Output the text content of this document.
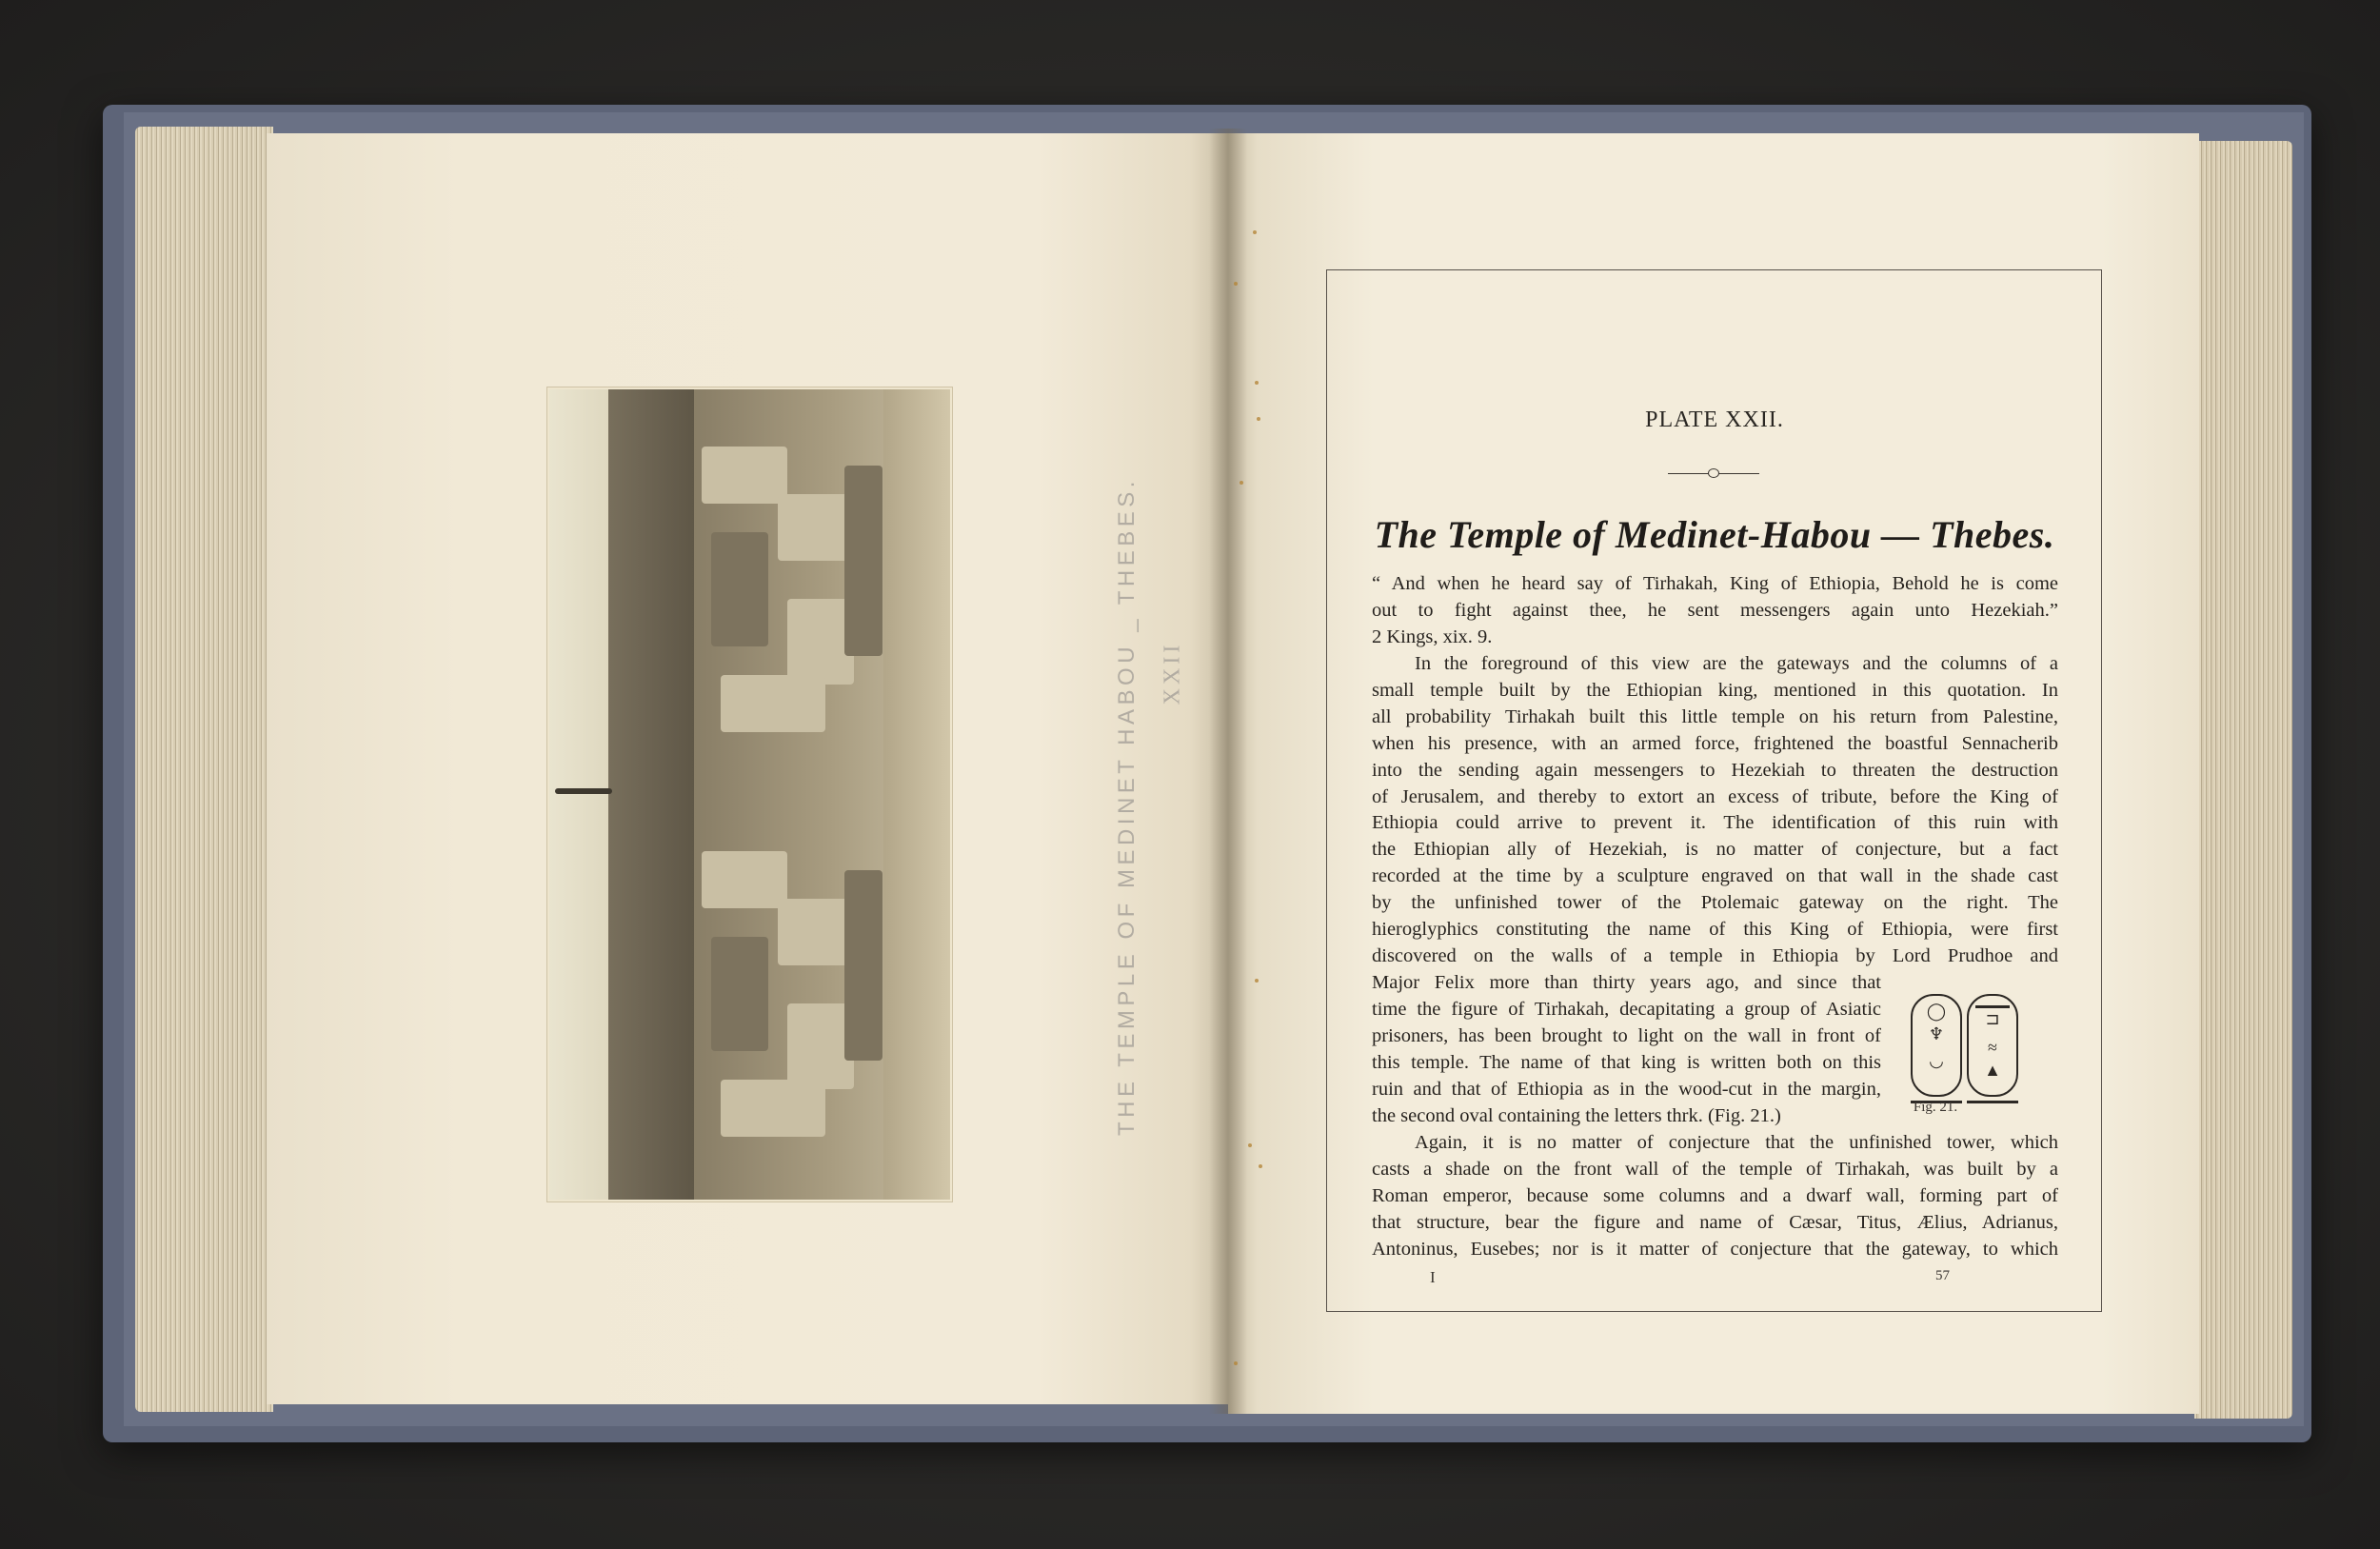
THE TEMPLE OF MEDINET HABOU _ THEBES. XXII
PLATE XXII.
The Temple of Medinet-Habou — Thebes.
“ And when he heard say of Tirhakah, King of Ethiopia, Behold he is come
out to fight against thee, he sent messengers again unto Hezekiah.”
2 Kings, xix. 9.
In the foreground of this view are the gateways and the columns of a
small temple built by the Ethiopian king, mentioned in this quotation. In
all probability Tirhakah built this little temple on his return from Palestine,
when his presence, with an armed force, frightened the boastful Sennacherib
into the sending again messengers to Hezekiah to threaten the destruction
of Jerusalem, and thereby to extort an excess of tribute, before the King of
Ethiopia could arrive to prevent it. The identification of this ruin with
the Ethiopian ally of Hezekiah, is no matter of conjecture, but a fact
recorded at the time by a sculpture engraved on that wall in the shade cast
by the unfinished tower of the Ptolemaic gateway on the right. The
hieroglyphics constituting the name of this King of Ethiopia, were first
discovered on the walls of a temple in Ethiopia by Lord Prudhoe and
Major Felix more than thirty years ago, and since that
time the figure of Tirhakah, decapitating a group of Asiatic
prisoners, has been brought to light on the wall in front of
this temple. The name of that king is written both on this
ruin and that of Ethiopia as in the wood-cut in the margin,
the second oval containing the letters thrk. (Fig. 21.)
◯
♆
◡
⊐
≈
▲
Fig. 21.
Again, it is no matter of conjecture that the unfinished tower, which
casts a shade on the front wall of the temple of Tirhakah, was built by a
Roman emperor, because some columns and a dwarf wall, forming part of
that structure, bear the figure and name of Cæsar, Titus, Ælius, Adrianus,
Antoninus, Eusebes; nor is it matter of conjecture that the gateway, to which
I	57
